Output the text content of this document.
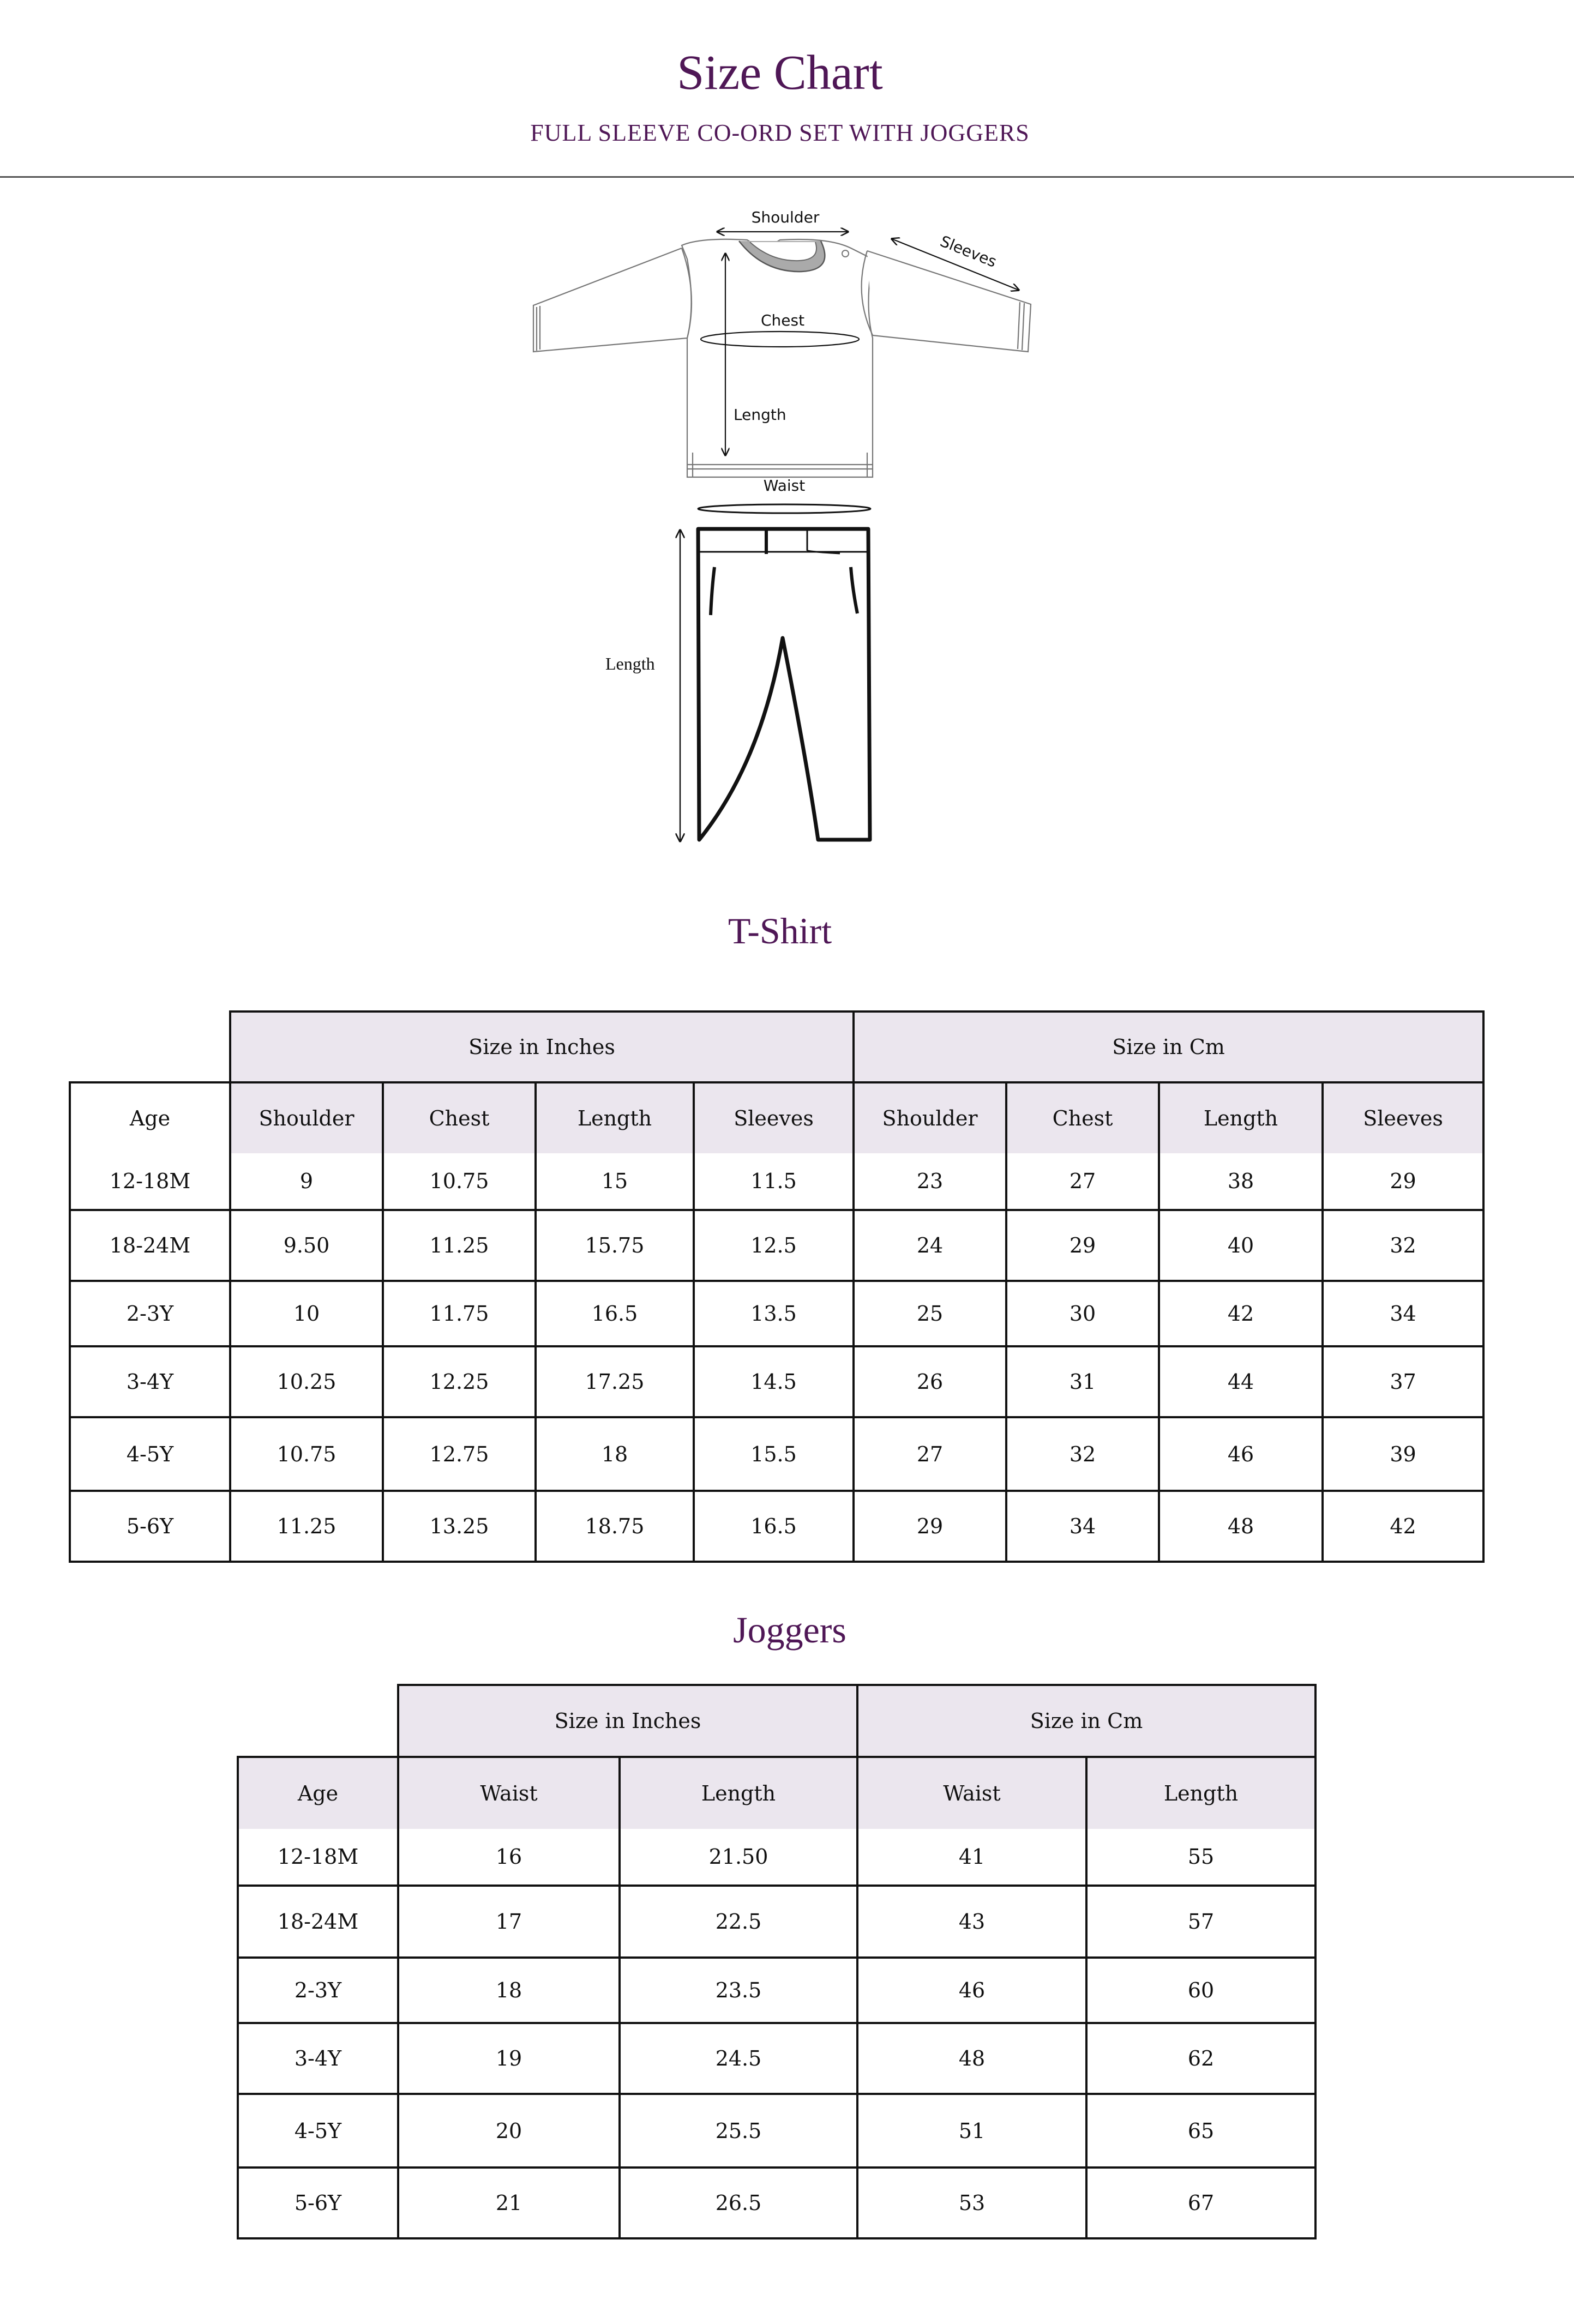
Size Chart
FULL SLEEVE CO-ORD SET WITH JOGGERS
Shoulder
Sleeves
Chest
Length
Waist
Length
T-Shirt
	Size in Inches				Size in Cm			
Age	Shoulder	Chest	Length	Sleeves	Shoulder	Chest	Length	Sleeves
12-18M	9	10.75	15	11.5	23	27	38	29
18-24M	9.50	11.25	15.75	12.5	24	29	40	32
2-3Y	10	11.75	16.5	13.5	25	30	42	34
3-4Y	10.25	12.25	17.25	14.5	26	31	44	37
4-5Y	10.75	12.75	18	15.5	27	32	46	39
5-6Y	11.25	13.25	18.75	16.5	29	34	48	42
Joggers
	Size in Inches		Size in Cm	
Age	Waist	Length	Waist	Length
12-18M	16	21.50	41	55
18-24M	17	22.5	43	57
2-3Y	18	23.5	46	60
3-4Y	19	24.5	48	62
4-5Y	20	25.5	51	65
5-6Y	21	26.5	53	67
